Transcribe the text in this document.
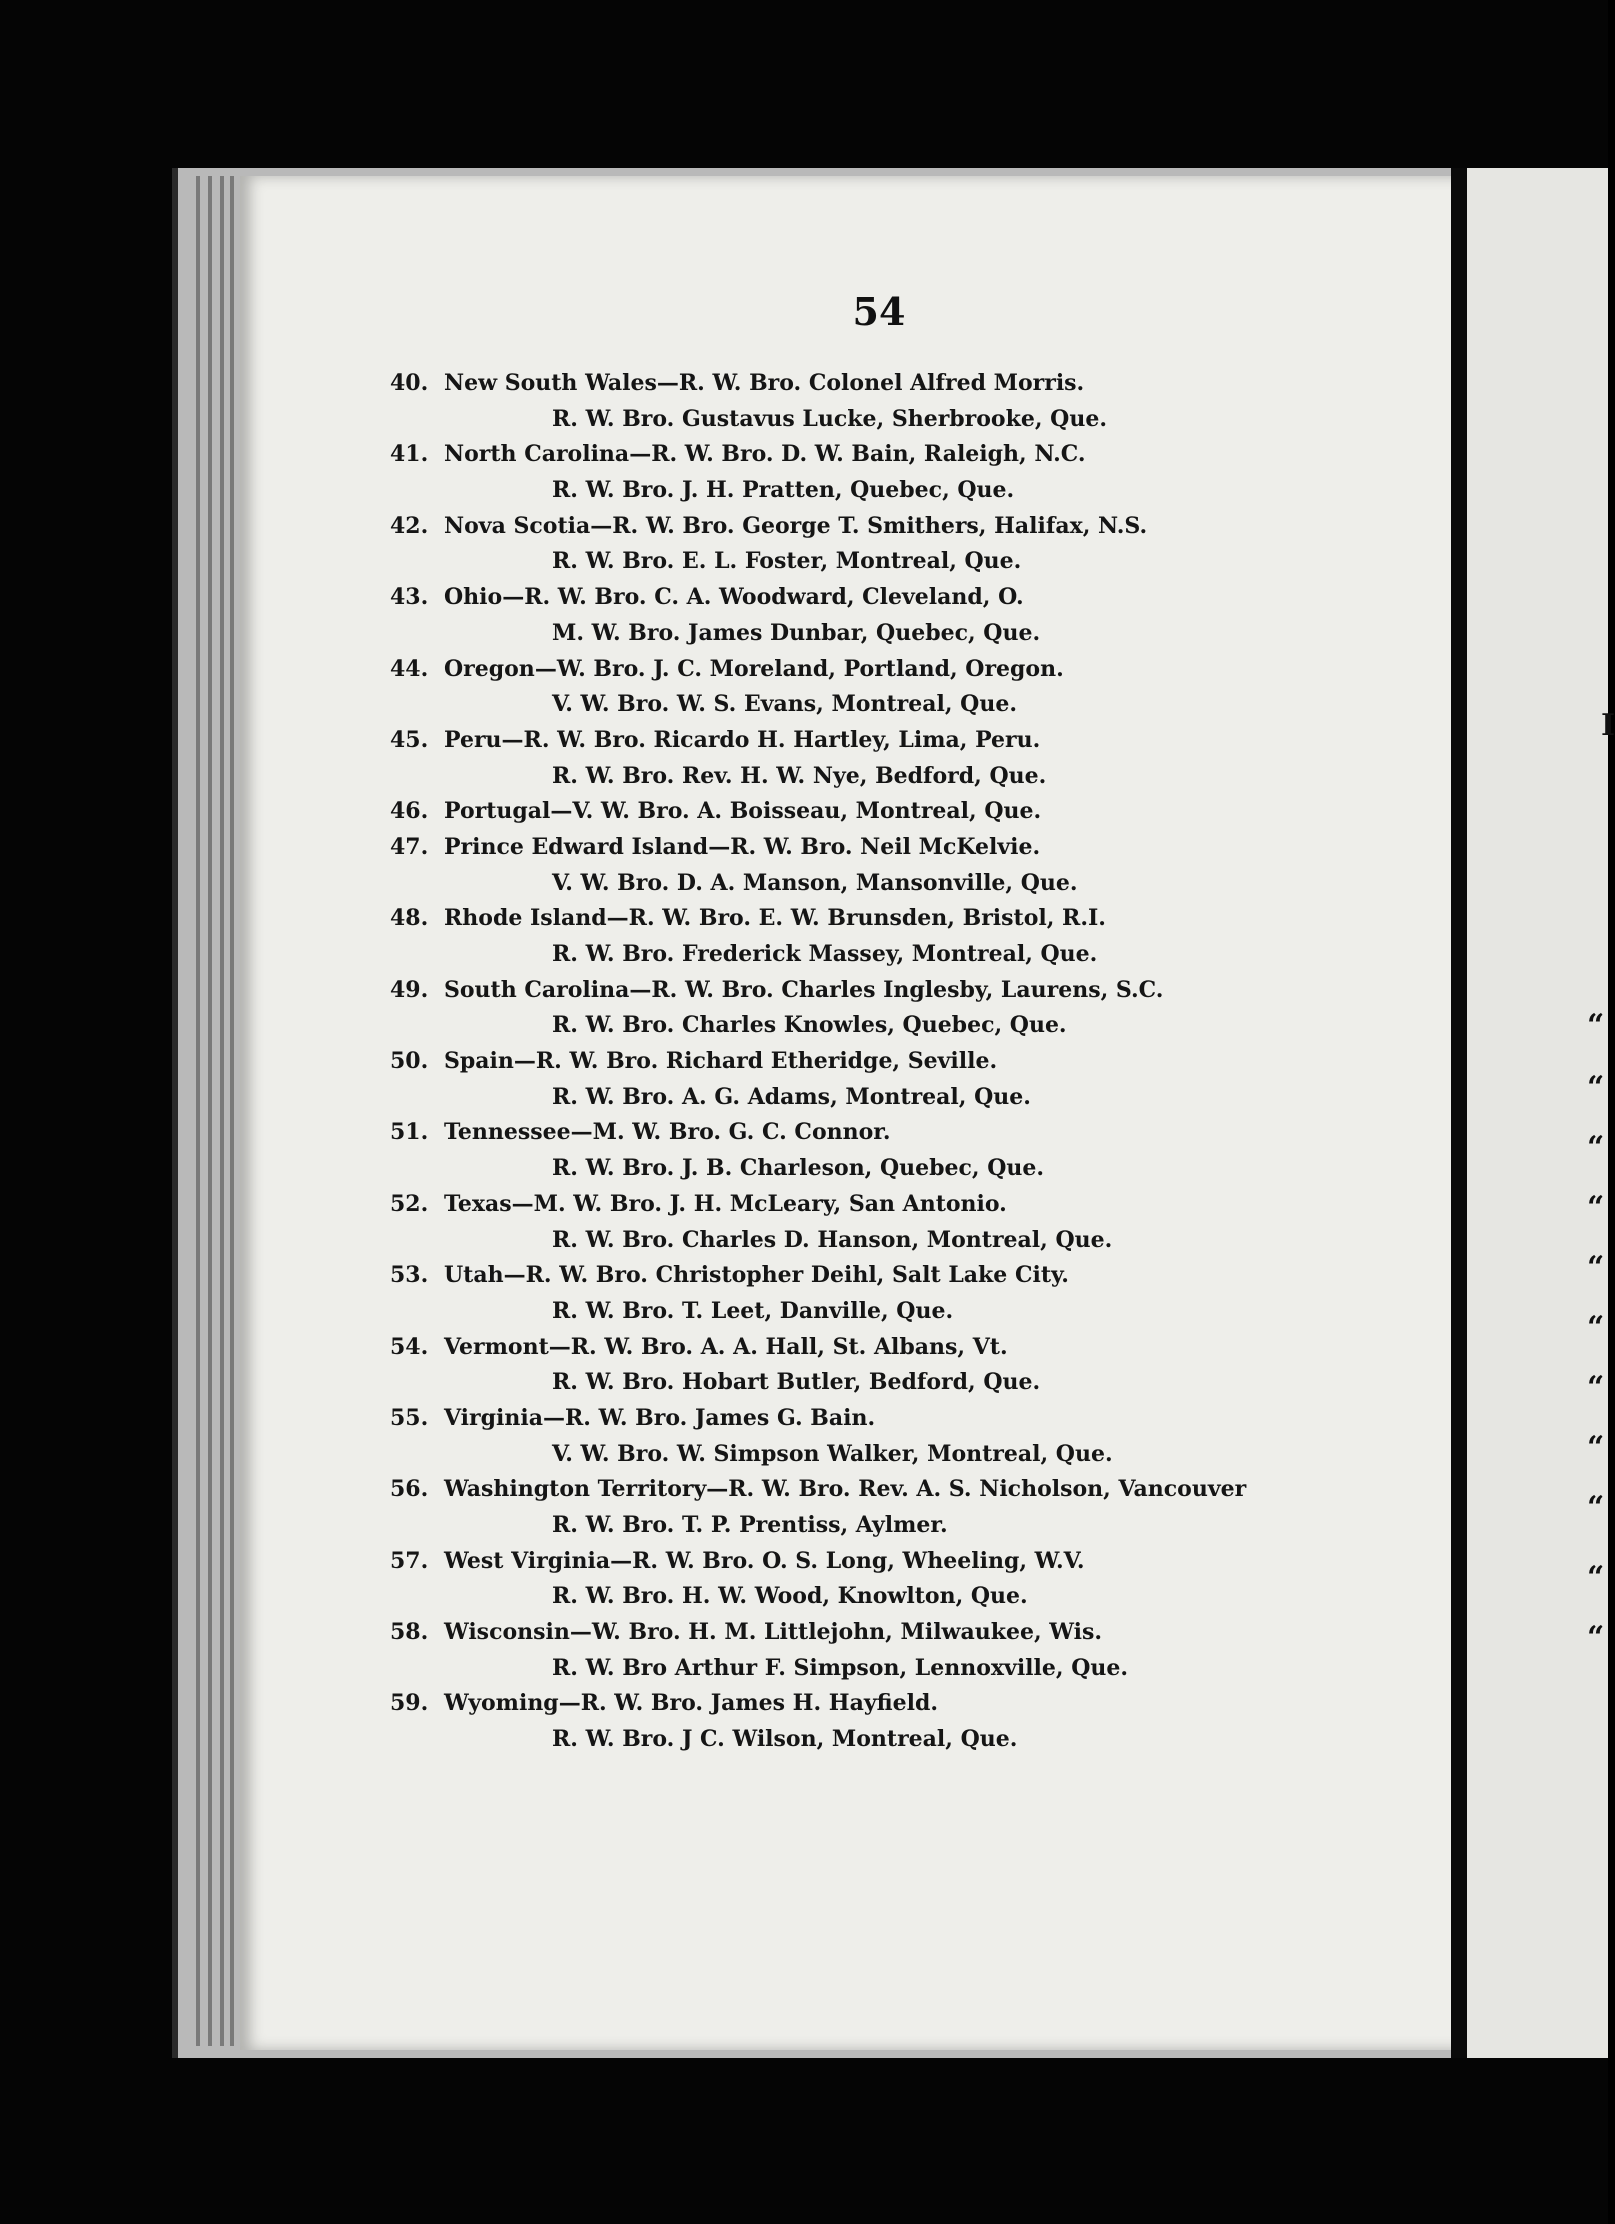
54
40. New South Wales—R. W. Bro. Colonel Alfred Morris.
R. W. Bro. Gustavus Lucke, Sherbrooke, Que.
41. North Carolina—R. W. Bro. D. W. Bain, Raleigh, N.C.
R. W. Bro. J. H. Pratten, Quebec, Que.
42. Nova Scotia—R. W. Bro. George T. Smithers, Halifax, N.S.
R. W. Bro. E. L. Foster, Montreal, Que.
43. Ohio—R. W. Bro. C. A. Woodward, Cleveland, O.
M. W. Bro. James Dunbar, Quebec, Que.
44. Oregon—W. Bro. J. C. Moreland, Portland, Oregon.
V. W. Bro. W. S. Evans, Montreal, Que.
45. Peru—R. W. Bro. Ricardo H. Hartley, Lima, Peru.
R. W. Bro. Rev. H. W. Nye, Bedford, Que.
46. Portugal—V. W. Bro. A. Boisseau, Montreal, Que.
47. Prince Edward Island—R. W. Bro. Neil McKelvie.
V. W. Bro. D. A. Manson, Mansonville, Que.
48. Rhode Island—R. W. Bro. E. W. Brunsden, Bristol, R.I.
R. W. Bro. Frederick Massey, Montreal, Que.
49. South Carolina—R. W. Bro. Charles Inglesby, Laurens, S.C.
R. W. Bro. Charles Knowles, Quebec, Que.
50. Spain—R. W. Bro. Richard Etheridge, Seville.
R. W. Bro. A. G. Adams, Montreal, Que.
51. Tennessee—M. W. Bro. G. C. Connor.
R. W. Bro. J. B. Charleson, Quebec, Que.
52. Texas—M. W. Bro. J. H. McLeary, San Antonio.
R. W. Bro. Charles D. Hanson, Montreal, Que.
53. Utah—R. W. Bro. Christopher Deihl, Salt Lake City.
R. W. Bro. T. Leet, Danville, Que.
54. Vermont—R. W. Bro. A. A. Hall, St. Albans, Vt.
R. W. Bro. Hobart Butler, Bedford, Que.
55. Virginia—R. W. Bro. James G. Bain.
V. W. Bro. W. Simpson Walker, Montreal, Que.
56. Washington Territory—R. W. Bro. Rev. A. S. Nicholson, Vancouver
R. W. Bro. T. P. Prentiss, Aylmer.
57. West Virginia—R. W. Bro. O. S. Long, Wheeling, W.V.
R. W. Bro. H. W. Wood, Knowlton, Que.
58. Wisconsin—W. Bro. H. M. Littlejohn, Milwaukee, Wis.
R. W. Bro Arthur F. Simpson, Lennoxville, Que.
59. Wyoming—R. W. Bro. James H. Hayfield.
R. W. Bro. J C. Wilson, Montreal, Que.
I
“
“
“
“
“
“
“
“
“
“
“
